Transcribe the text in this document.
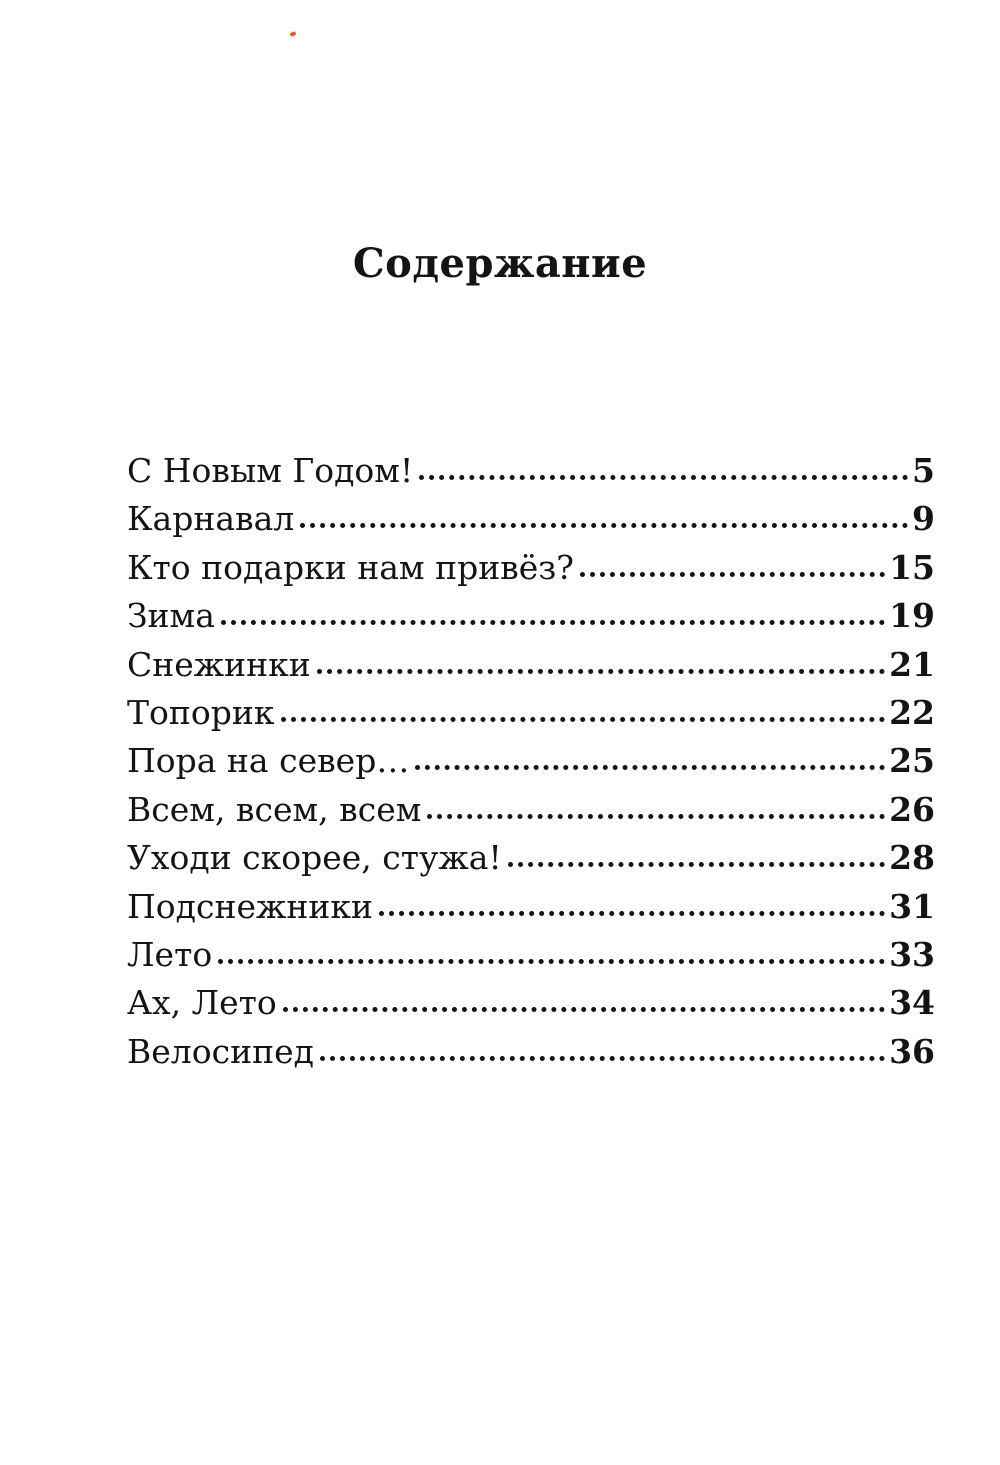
Содержание
С Новым Годом!	5
Карнавал	9
Кто подарки нам привёз?	15
Зима	19
Снежинки	21
Топорик	22
Пора на север…	25
Всем, всем, всем	26
Уходи скорее, стужа!	28
Подснежники	31
Лето	33
Ах, Лето	34
Велосипед	36
